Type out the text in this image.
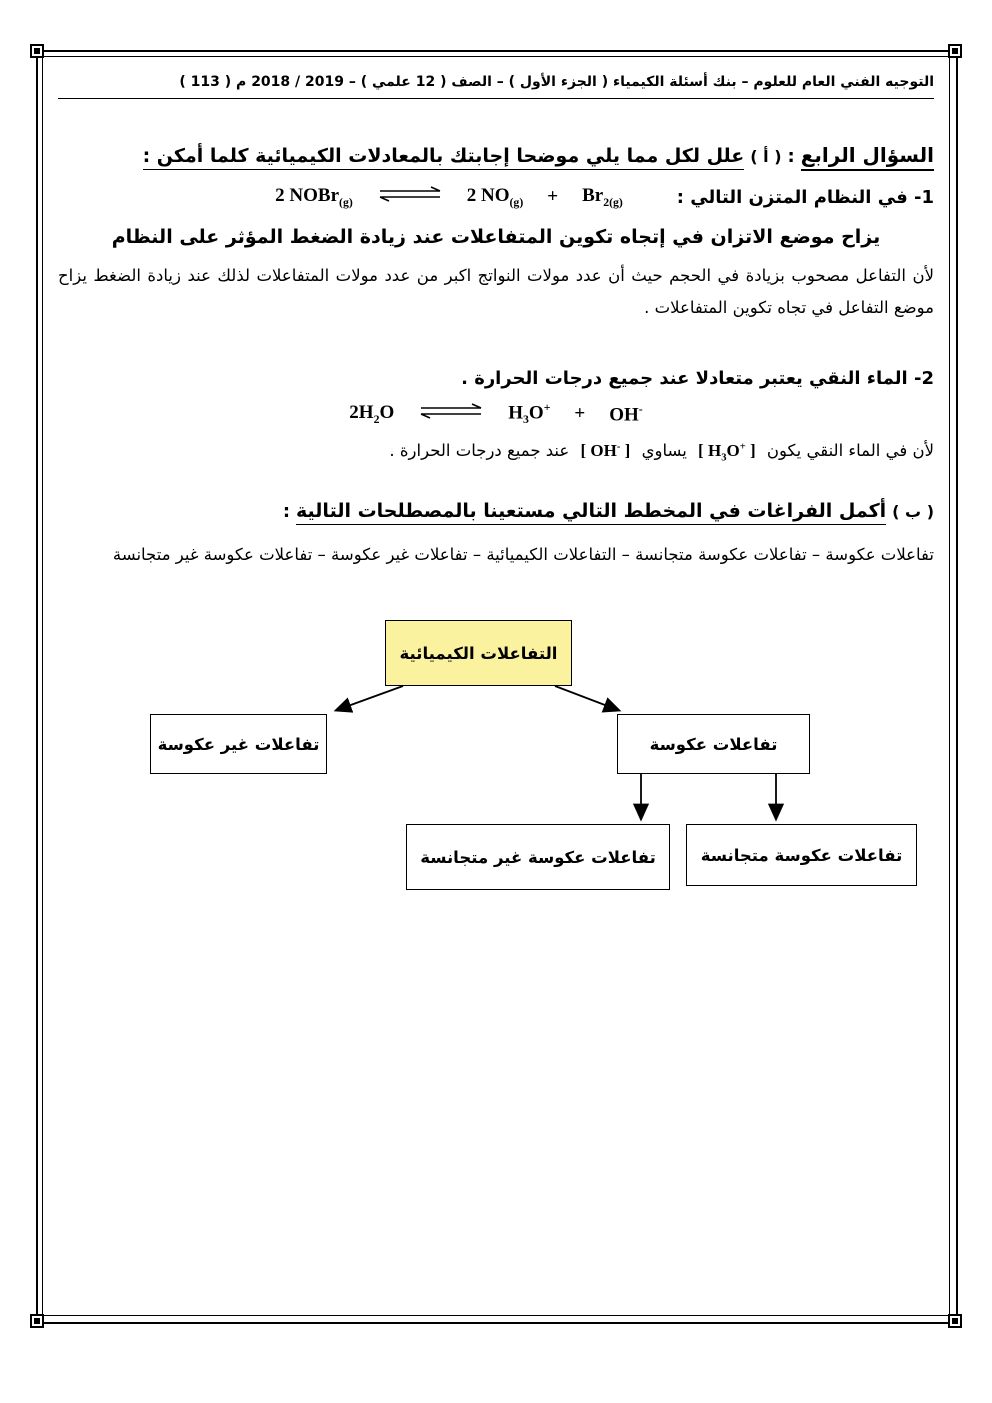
التوجيه الفني العام للعلوم – بنك أسئلة الكيمياء ( الجزء الأول ) – الصف ( 12 علمي ) – 2018 / 2019 م ( 113 )
السؤال الرابع : ( أ ) علل لكل مما يلي موضحا إجابتك بالمعادلات الكيميائية كلما أمكن :
1- في النظام المتزن التالي :
2 NOBr$_{(g)}$ ⇌ 2 $NO_{(g)} + Br_{2(g)}$
يزاح موضع الاتزان في إتجاه تكوين المتفاعلات عند زيادة الضغط المؤثر على النظام
لأن التفاعل مصحوب بزيادة في الحجم حيث أن عدد مولات النواتج اكبر من عدد مولات المتفاعلات لذلك عند زيادة الضغط يزاح موضع التفاعل في تجاه تكوين المتفاعلات .
2- الماء النقي يعتبر متعادلا عند جميع درجات الحرارة .
$2H_2O$ ⇌ $H_3O^+ + OH^-$
لأن في الماء النقي يكون [ $H_3O^+$ ] يساوي [ OH- ] عند جميع درجات الحرارة .
( ب ) أكمل الفراغات في المخطط التالي مستعينا بالمصطلحات التالية :
تفاعلات عكوسة – تفاعلات عكوسة متجانسة – التفاعلات الكيميائية – تفاعلات غير عكوسة – تفاعلات عكوسة غير متجانسة
التفاعلات الكيميائية
تفاعلات غير عكوسة	تفاعلات عكوسة
تفاعلات عكوسة غير متجانسة	تفاعلات عكوسة متجانسة
